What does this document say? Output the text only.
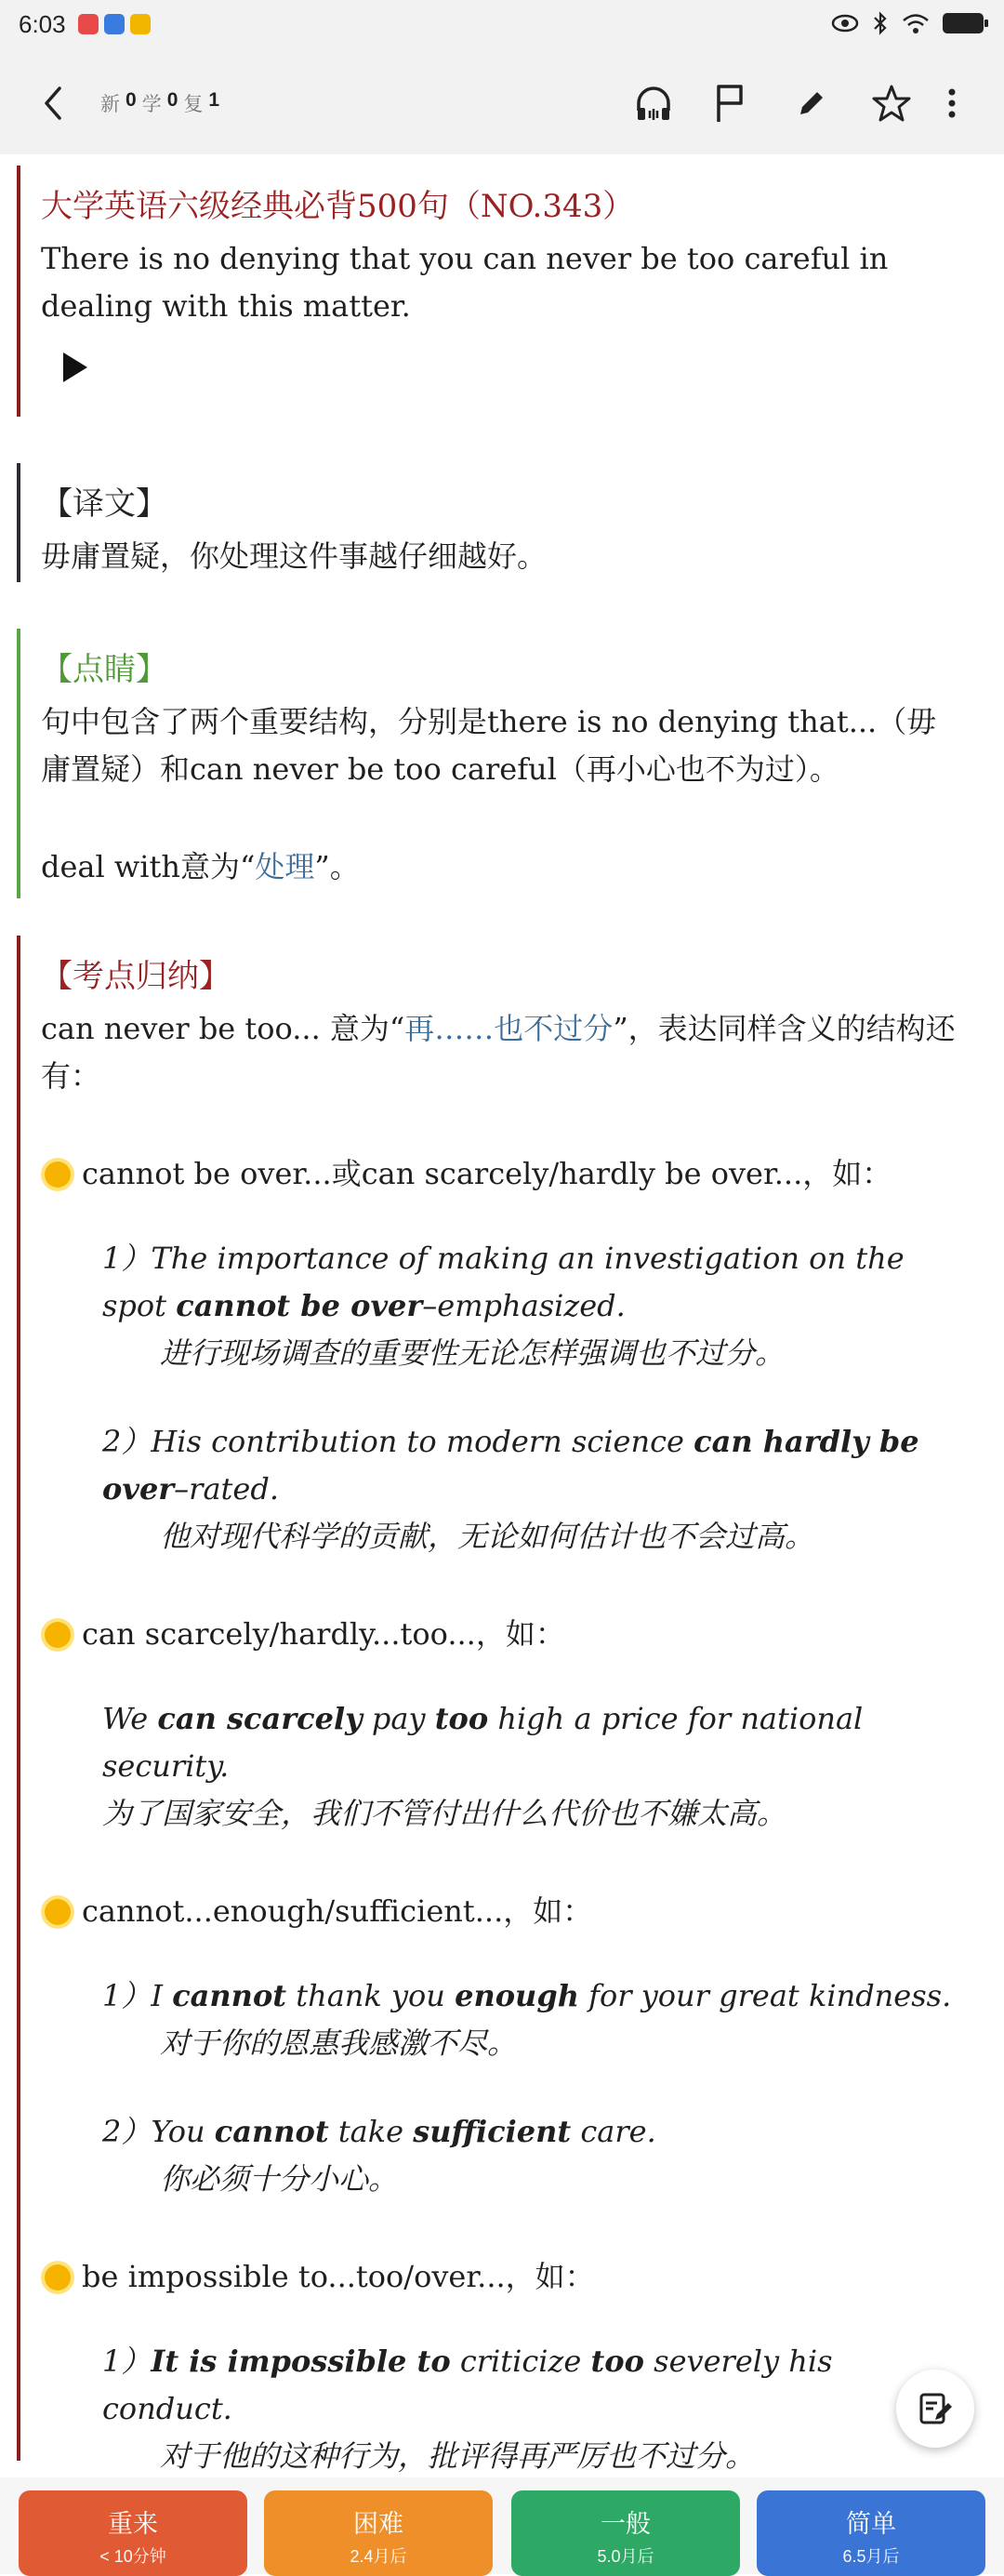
6:03
新 0 学 0 复 1
大学英语六级经典必背500句（NO.343）
There is no denying that you can never be too careful in dealing with this matter.
【译文】
毋庸置疑，你处理这件事越仔细越好。
【点睛】
句中包含了两个重要结构，分别是there is no denying that...（毋庸置疑）和can never be too careful（再小心也不为过）。
deal with意为“处理”。
【考点归纳】
can never be too... 意为“再……也不过分”，表达同样含义的结构还有：
cannot be over...或can scarcely/hardly be over...，如：
1）The importance of making an investigation on the spot cannot be over–emphasized.
进行现场调查的重要性无论怎样强调也不过分。
2）His contribution to modern science can hardly be over–rated.
他对现代科学的贡献，无论如何估计也不会过高。
can scarcely/hardly...too...，如：
We can scarcely pay too high a price for national security.
为了国家安全，我们不管付出什么代价也不嫌太高。
cannot...enough/sufficient...，如：
1）I cannot thank you enough for your great kindness.
对于你的恩惠我感激不尽。
2）You cannot take sufficient care.
你必须十分小心。
be impossible to...too/over...，如：
1）It is impossible to criticize too severely his conduct.
对于他的这种行为，批评得再严厉也不过分。
重来
< 10分钟
困难
2.4月后
一般
5.0月后
简单
6.5月后
